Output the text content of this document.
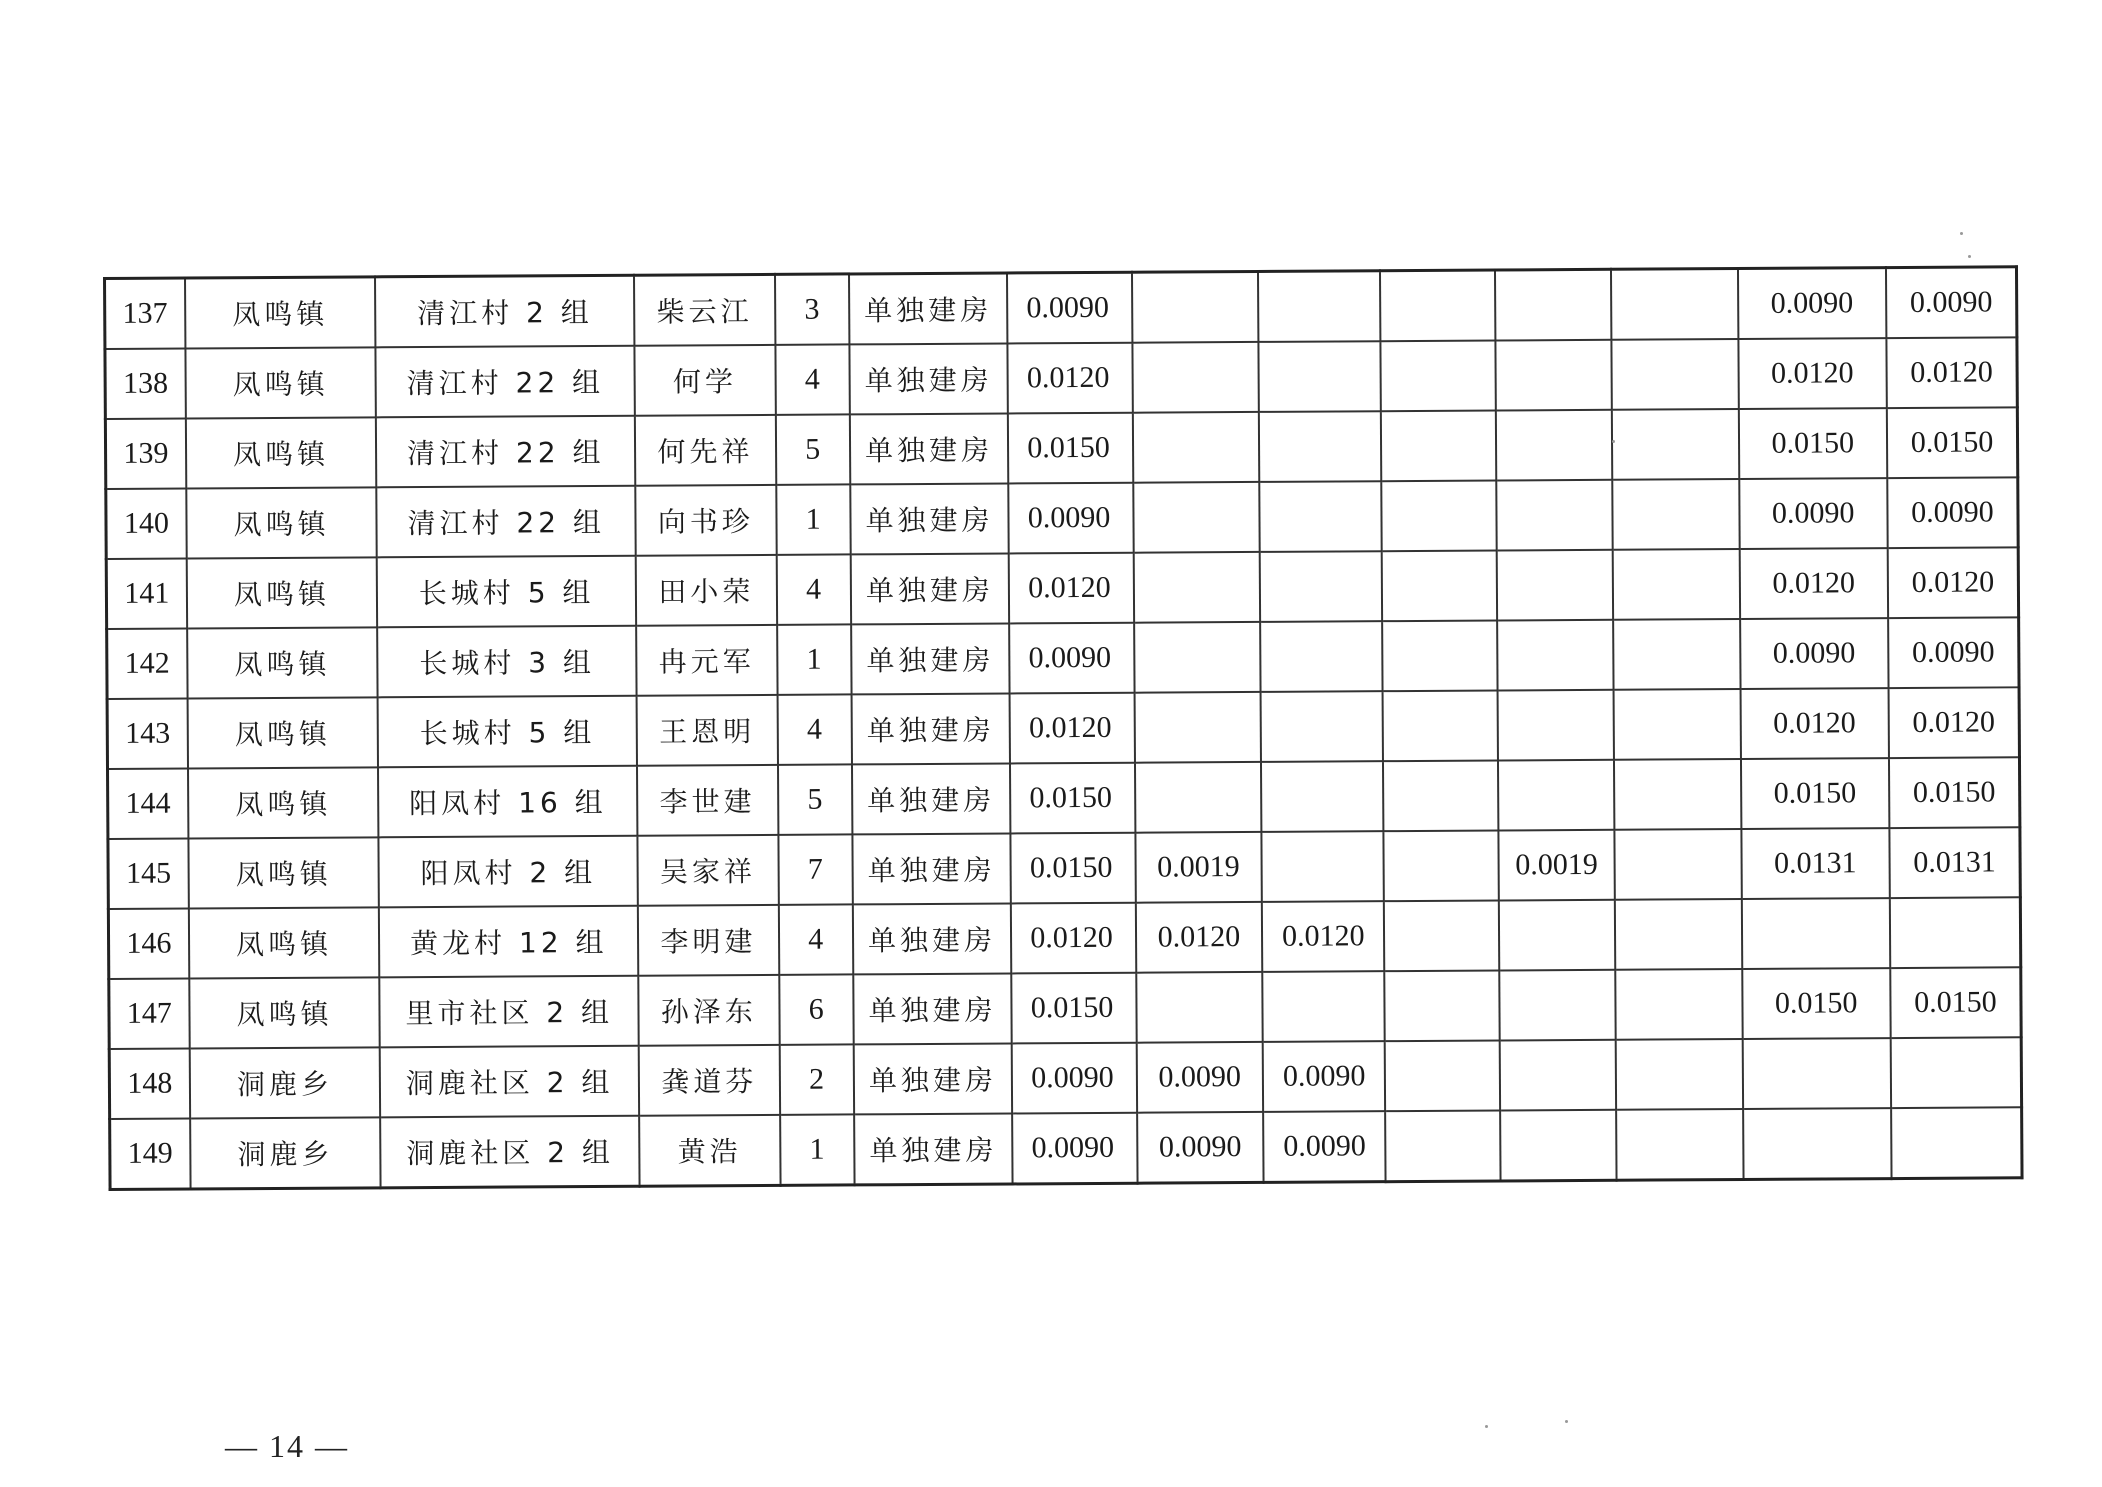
137	凤鸣镇	清江村 2 组	柴云江	3	单独建房	0.0090						0.0090	0.0090
138	凤鸣镇	清江村 22 组	何学	4	单独建房	0.0120						0.0120	0.0120
139	凤鸣镇	清江村 22 组	何先祥	5	单独建房	0.0150						0.0150	0.0150
140	凤鸣镇	清江村 22 组	向书珍	1	单独建房	0.0090						0.0090	0.0090
141	凤鸣镇	长城村 5 组	田小荣	4	单独建房	0.0120						0.0120	0.0120
142	凤鸣镇	长城村 3 组	冉元军	1	单独建房	0.0090						0.0090	0.0090
143	凤鸣镇	长城村 5 组	王恩明	4	单独建房	0.0120						0.0120	0.0120
144	凤鸣镇	阳凤村 16 组	李世建	5	单独建房	0.0150						0.0150	0.0150
145	凤鸣镇	阳凤村 2 组	吴家祥	7	单独建房	0.0150	0.0019			0.0019		0.0131	0.0131
146	凤鸣镇	黄龙村 12 组	李明建	4	单独建房	0.0120	0.0120	0.0120					
147	凤鸣镇	里市社区 2 组	孙泽东	6	单独建房	0.0150						0.0150	0.0150
148	洞鹿乡	洞鹿社区 2 组	龚道芬	2	单独建房	0.0090	0.0090	0.0090					
149	洞鹿乡	洞鹿社区 2 组	黄浩	1	单独建房	0.0090	0.0090	0.0090					
— 14 —
